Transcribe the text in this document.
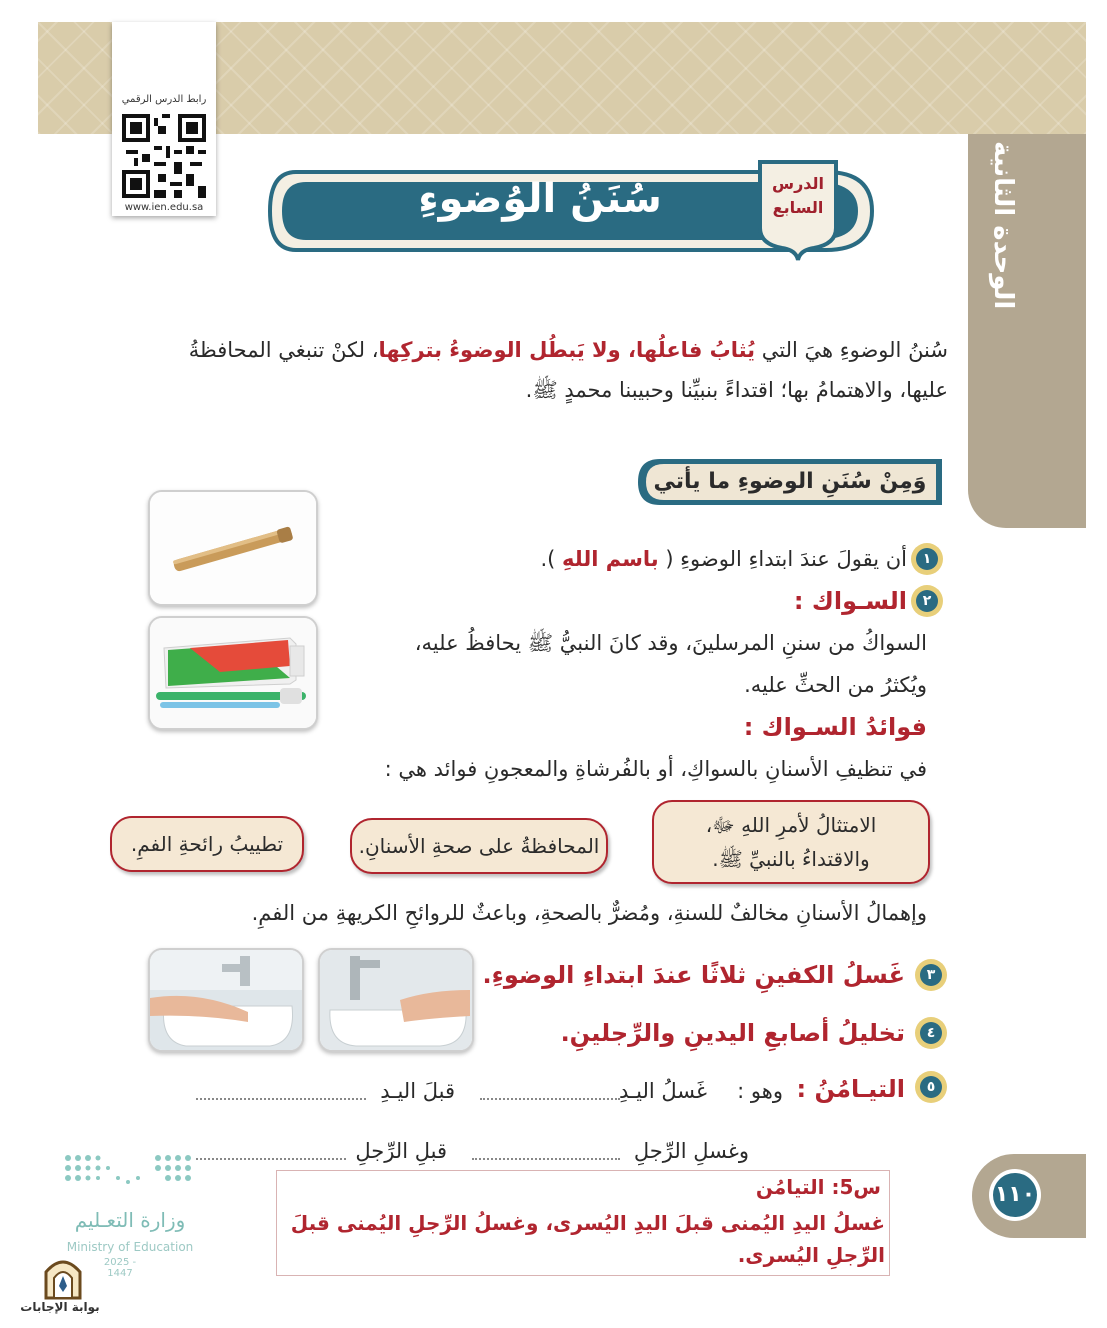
الوحدة الثانية
رابط الدرس الرقمي
www.ien.edu.sa	سُنَنُ الوُضوءِ	الدرس
السابع
سُننُ الوضوءِ هيَ التي يُثابُ فاعلُها، ولا يَبطُل الوضوءُ بتركِها، لكنْ تنبغي المحافظةُ عليها، والاهتمامُ بها؛ اقتداءً بنبيِّنا وحبيبنا محمدٍ ﷺ.
وَمِنْ سُنَنِ الوضوءِ ما يأتي
١
أن يقولَ عندَ ابتداءِ الوضوءِ ( باسم اللهِ ).
٢
السـواك :
السواكُ من سننِ المرسلينَ، وقد كانَ النبيُّ ﷺ يحافظُ عليه،
ويُكثرُ من الحثِّ عليه.
فوائدُ السـواك :
في تنظيفِ الأسنانِ بالسواكِ، أو بالفُرشاةِ والمعجونِ فوائد هي :
الامتثالُ لأمرِ اللهِ ﷻ،
والاقتداءُ بالنبيِّ ﷺ.
المحافظةُ على صحةِ الأسنانِ.
تطييبُ رائحةِ الفمِ.
وإهمالُ الأسنانِ مخالفٌ للسنةِ، ومُضرٌّ بالصحةِ، وباعثٌ للروائحِ الكريهةِ من الفمِ.
٣
غَسلُ الكفينِ ثلاثًا عندَ ابتداءِ الوضوءِ.
٤
تخليلُ أصابعِ اليدينِ والرِّجلينِ.
٥
التيـامُنُ :
وهو :
غَسلُ اليـدِ
قبلَ اليـدِ
وغسلِ الرِّجلِ
قبلِ الرِّجلِ
١١٠
س5: التيامُن
غسلُ اليدِ اليُمنى قبلَ اليدِ اليُسرى، وغسلُ الرِّجلِ اليُمنى قبلَ الرِّجلِ اليُسرى.
وزارة التعـليم
Ministry of Education
2025 - 1447
بوابة الإجابات
